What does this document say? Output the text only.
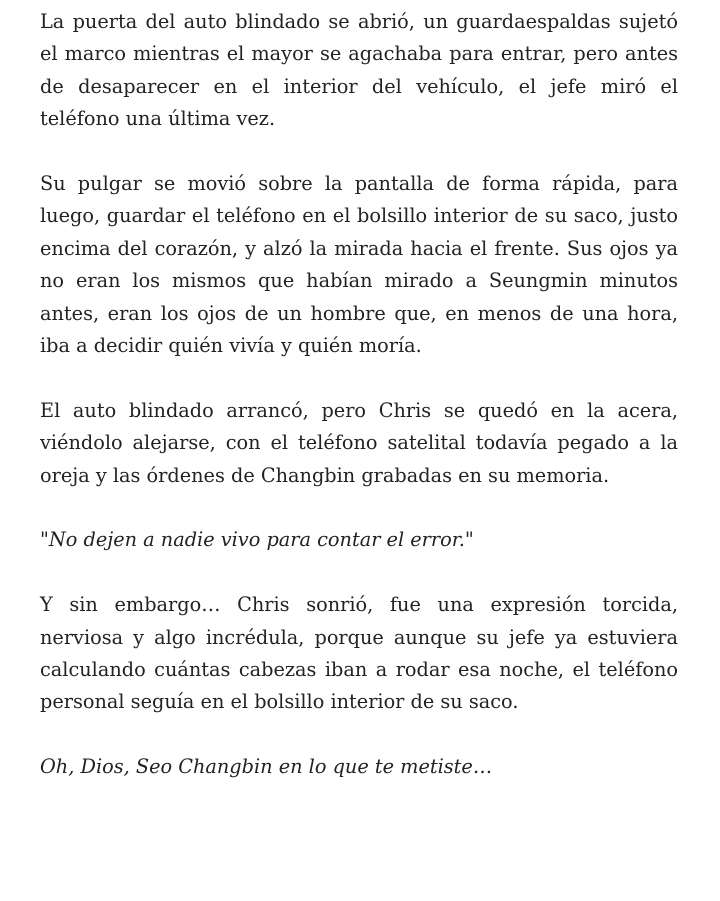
La puerta del auto blindado se abrió, un guardaespaldas sujetó el marco mientras el mayor se agachaba para entrar, pero antes de desaparecer en el interior del vehículo, el jefe miró el teléfono una última vez.

Su pulgar se movió sobre la pantalla de forma rápida, para luego, guardar el teléfono en el bolsillo interior de su saco, justo encima del corazón, y alzó la mirada hacia el frente. Sus ojos ya no eran los mismos que habían mirado a Seungmin minutos antes, eran los ojos de un hombre que, en menos de una hora, iba a decidir quién vivía y quién moría.

El auto blindado arrancó, pero Chris se quedó en la acera, viéndolo alejarse, con el teléfono satelital todavía pegado a la oreja y las órdenes de Changbin grabadas en su memoria.

"No dejen a nadie vivo para contar el error."

Y sin embargo… Chris sonrió, fue una expresión torcida, nerviosa y algo incrédula, porque aunque su jefe ya estuviera calculando cuántas cabezas iban a rodar esa noche, el teléfono personal seguía en el bolsillo interior de su saco.

Oh, Dios, Seo Changbin en lo que te metiste…
